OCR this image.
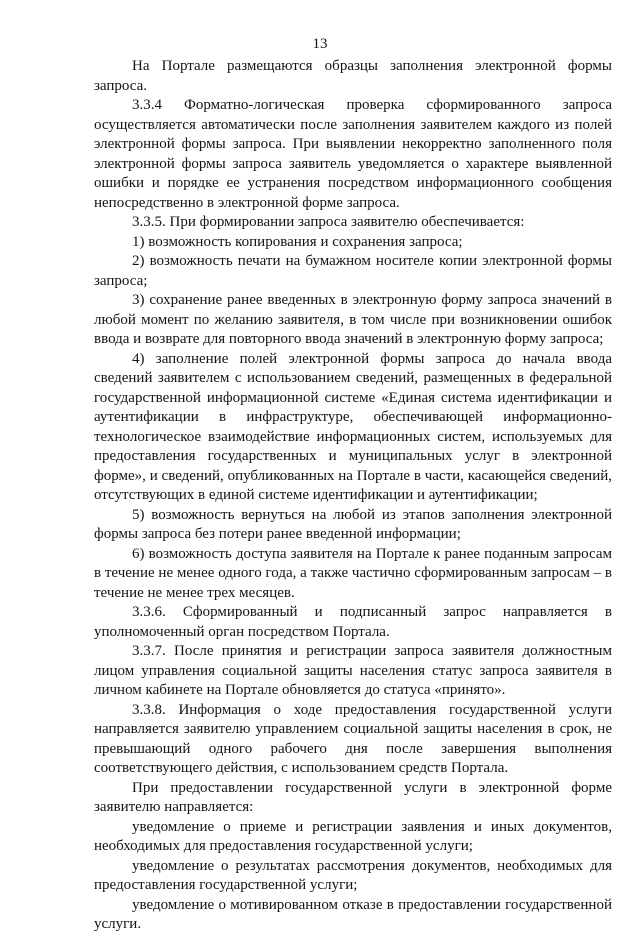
13

На Портале размещаются образцы заполнения электронной формы запроса.

3.3.4 Форматно-логическая проверка сформированного запроса осуществляется автоматически после заполнения заявителем каждого из полей электронной формы запроса. При выявлении некорректно заполненного поля электронной формы запроса заявитель уведомляется о характере выявленной ошибки и порядке ее устранения посредством информационного сообщения непосредственно в электронной форме запроса.

3.3.5. При формировании запроса заявителю обеспечивается:

1) возможность копирования и сохранения запроса;

2) возможность печати на бумажном носителе копии электронной формы запроса;

3) сохранение ранее введенных в электронную форму запроса значений в любой момент по желанию заявителя, в том числе при возникновении ошибок ввода и возврате для повторного ввода значений в электронную форму запроса;

4) заполнение полей электронной формы запроса до начала ввода сведений заявителем с использованием сведений, размещенных в федеральной государственной информационной системе «Единая система идентификации и аутентификации в инфраструктуре, обеспечивающей информационно-технологическое взаимодействие информационных систем, используемых для предоставления государственных и муниципальных услуг в электронной форме», и сведений, опубликованных на Портале в части, касающейся сведений, отсутствующих в единой системе идентификации и аутентификации;

5) возможность вернуться на любой из этапов заполнения электронной формы запроса без потери ранее введенной информации;

6) возможность доступа заявителя на Портале к ранее поданным запросам в течение не менее одного года, а также частично сформированным запросам – в течение не менее трех месяцев.

3.3.6. Сформированный и подписанный запрос направляется в уполномоченный орган посредством Портала.

3.3.7. После принятия и регистрации запроса заявителя должностным лицом управления социальной защиты населения статус запроса заявителя в личном кабинете на Портале обновляется до статуса «принято».

3.3.8. Информация о ходе предоставления государственной услуги направляется заявителю управлением социальной защиты населения в срок, не превышающий одного рабочего дня после завершения выполнения соответствующего действия, с использованием средств Портала.

При предоставлении государственной услуги в электронной форме заявителю направляется:

уведомление о приеме и регистрации заявления и иных документов, необходимых для предоставления государственной услуги;

уведомление о результатах рассмотрения документов, необходимых для предоставления государственной услуги;

уведомление о мотивированном отказе в предоставлении государственной услуги.
